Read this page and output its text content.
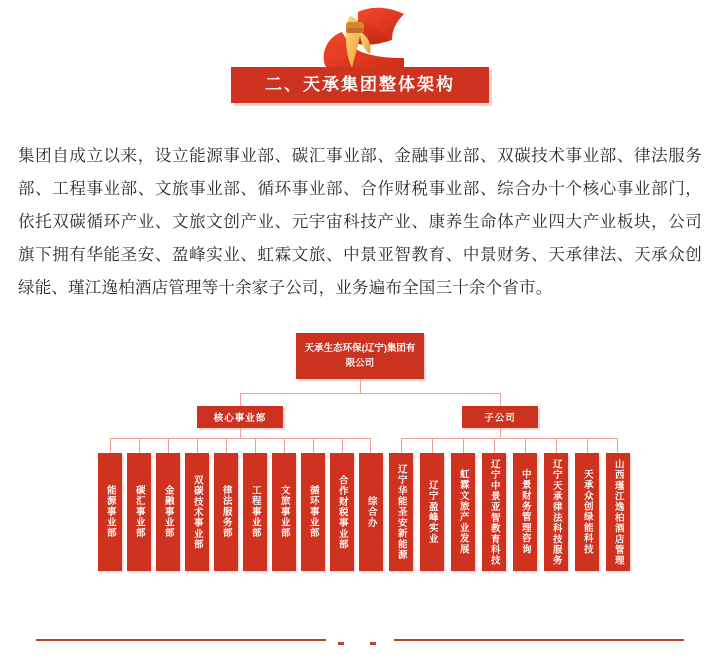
二、天承集团整体架构

集团自成立以来，设立能源事业部、碳汇事业部、金融事业部、双碳技术事业部、律法服务部、工程事业部、文旅事业部、循环事业部、合作财税事业部、综合办十个核心事业部门，依托双碳循环产业、文旅文创产业、元宇宙科技产业、康养生命体产业四大产业板块，公司旗下拥有华能圣安、盈峰实业、虹霖文旅、中景亚智教育、中景财务、天承律法、天承众创绿能、瑾江逸柏酒店管理等十余家子公司，业务遍布全国三十余个省市。

天承生态环保(辽宁)集团有限公司
核心事业部	子公司
能源事业部	碳汇事业部	金融事业部	双碳技术事业部	律法服务部	工程事业部	文旅事业部	循环事业部	合作财税事业部	综合办	辽宁华能圣安新能源	辽宁盈峰实业	虹霖文旅产业发展	辽宁中景亚智教育科技	中景财务管理咨询	辽宁天承律法科技服务	天承众创绿能科技	山西瑾江逸柏酒店管理
